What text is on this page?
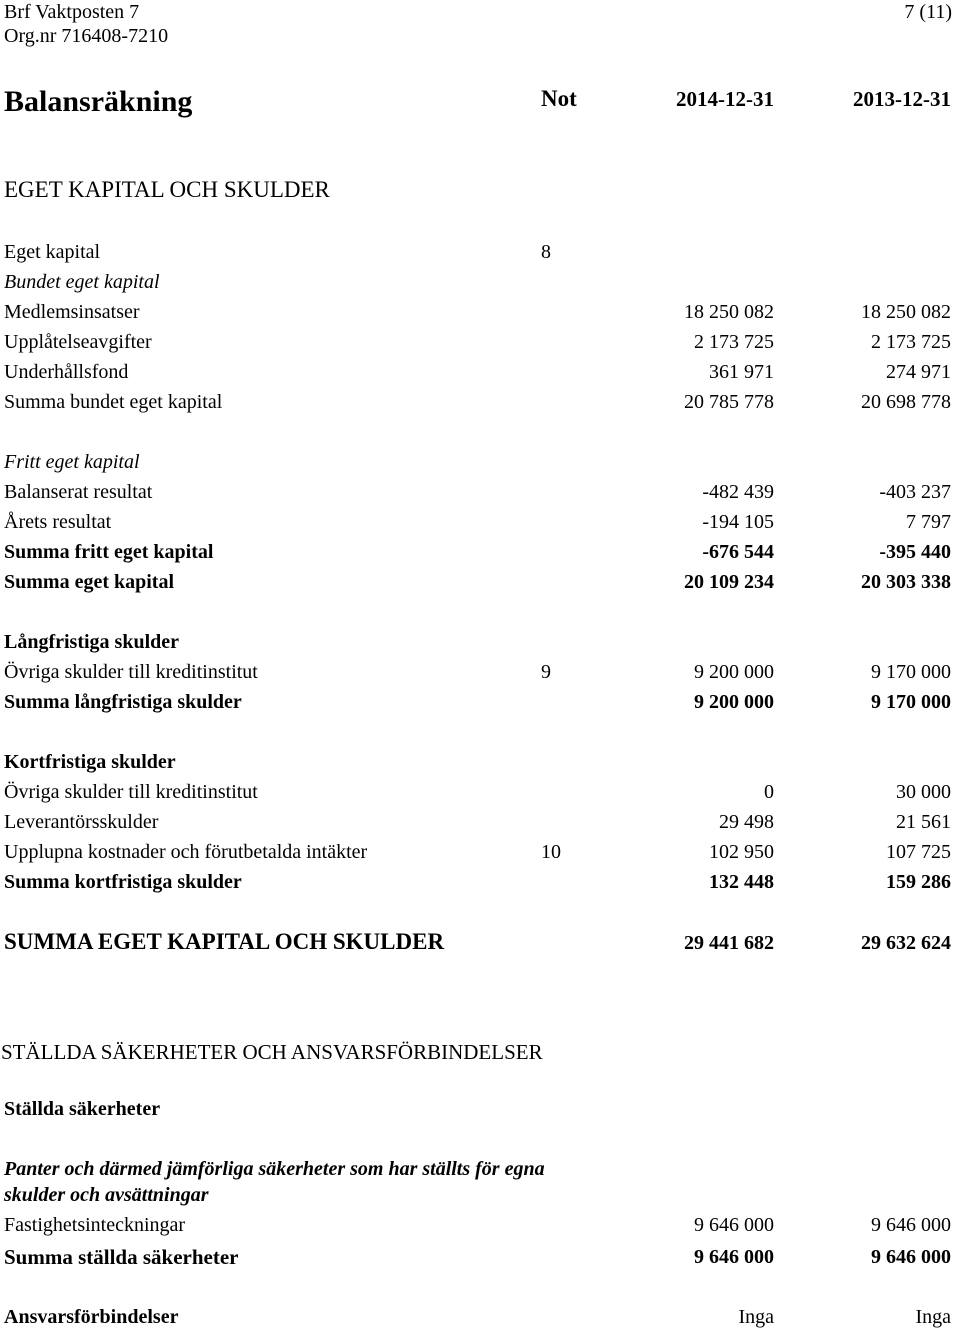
Brf Vaktposten 7
Org.nr 716408-7210
7 (11)
Balansräkning	Not	2014-12-31	2013-12-31
EGET KAPITAL OCH SKULDER
Eget kapital	8
Bundet eget kapital
Medlemsinsatser	18 250 082	18 250 082
Upplåtelseavgifter	2 173 725	2 173 725
Underhållsfond	361 971	274 971
Summa bundet eget kapital	20 785 778	20 698 778
Fritt eget kapital
Balanserat resultat	-482 439	-403 237
Årets resultat	-194 105	7 797
Summa fritt eget kapital	-676 544	-395 440
Summa eget kapital	20 109 234	20 303 338
Långfristiga skulder
Övriga skulder till kreditinstitut	9	9 200 000	9 170 000
Summa långfristiga skulder	9 200 000	9 170 000
Kortfristiga skulder
Övriga skulder till kreditinstitut	0	30 000
Leverantörsskulder	29 498	21 561
Upplupna kostnader och förutbetalda intäkter	10	102 950	107 725
Summa kortfristiga skulder	132 448	159 286
SUMMA EGET KAPITAL OCH SKULDER	29 441 682	29 632 624
STÄLLDA SÄKERHETER OCH ANSVARSFÖRBINDELSER
Ställda säkerheter
Panter och därmed jämförliga säkerheter som har ställts för egna
skulder och avsättningar
Fastighetsinteckningar	9 646 000	9 646 000
Summa ställda säkerheter	9 646 000	9 646 000
Ansvarsförbindelser	Inga	Inga
